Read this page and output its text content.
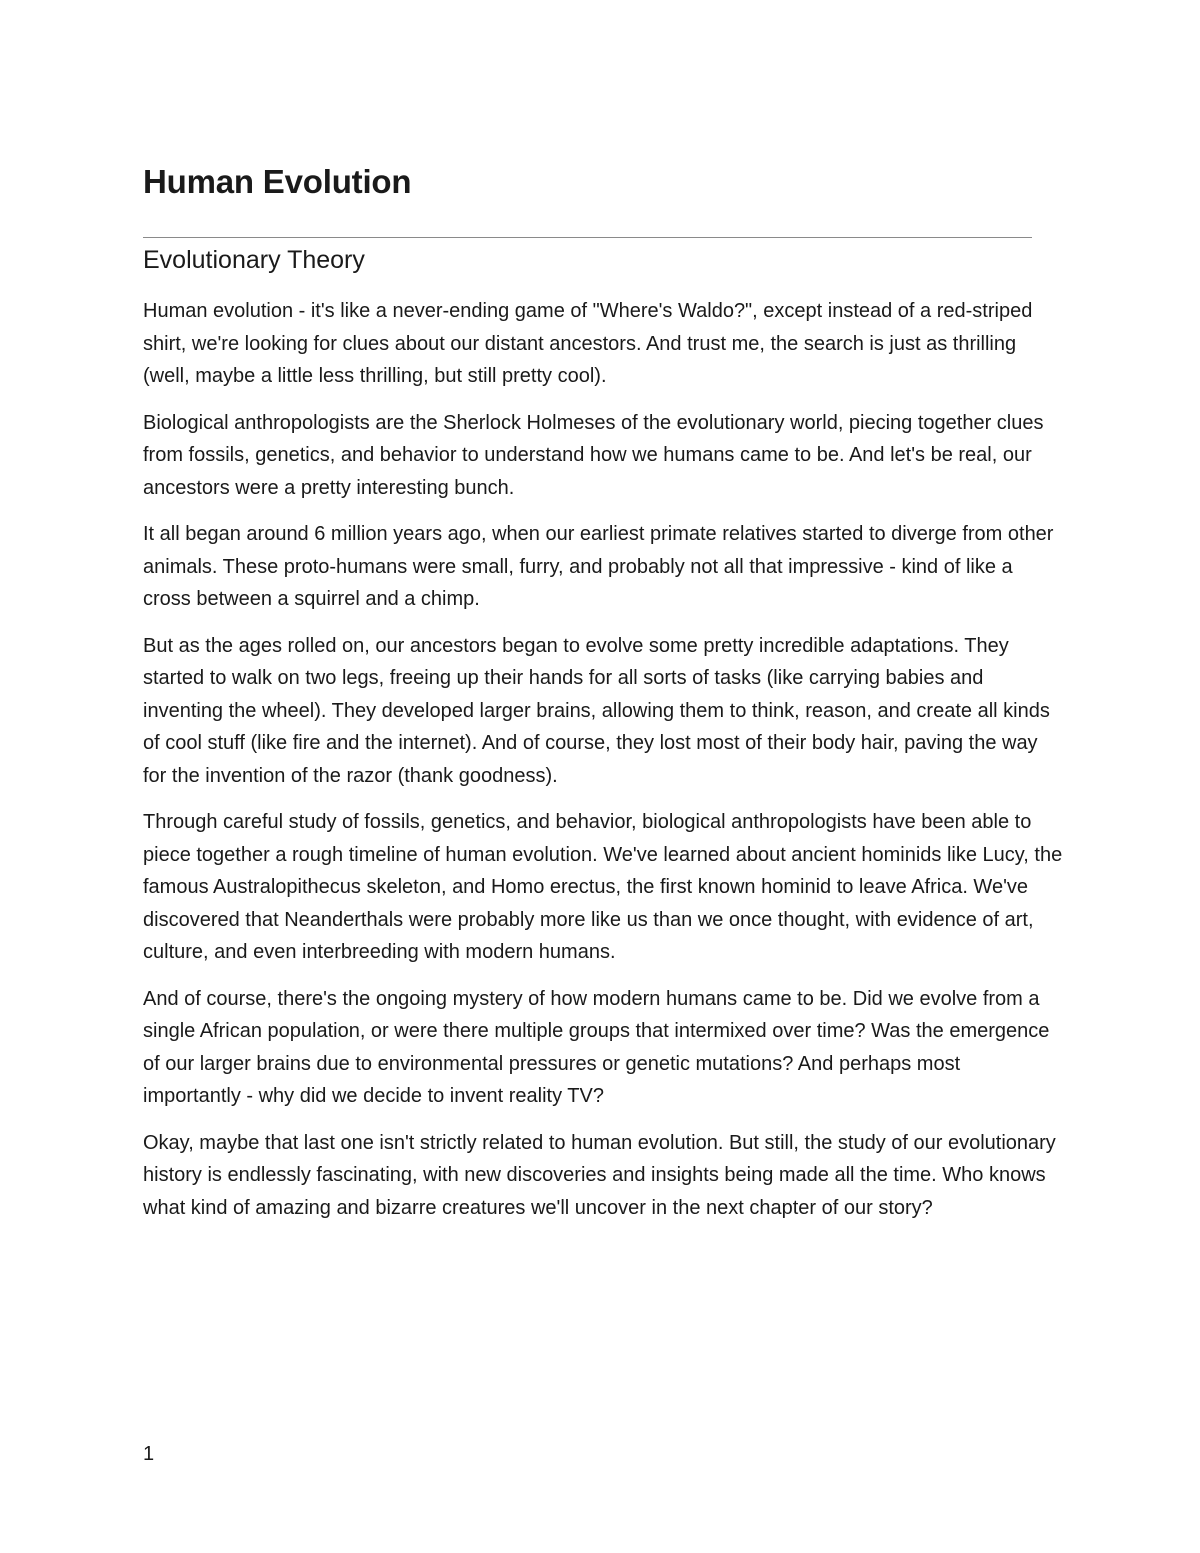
Human Evolution
Evolutionary Theory

Human evolution - it's like a never-ending game of "Where's Waldo?", except instead of a red-striped shirt, we're looking for clues about our distant ancestors. And trust me, the search is just as thrilling (well, maybe a little less thrilling, but still pretty cool).

Biological anthropologists are the Sherlock Holmeses of the evolutionary world, piecing together clues from fossils, genetics, and behavior to understand how we humans came to be. And let's be real, our ancestors were a pretty interesting bunch.

It all began around 6 million years ago, when our earliest primate relatives started to diverge from other animals. These proto-humans were small, furry, and probably not all that impressive - kind of like a cross between a squirrel and a chimp.

But as the ages rolled on, our ancestors began to evolve some pretty incredible adaptations. They started to walk on two legs, freeing up their hands for all sorts of tasks (like carrying babies and inventing the wheel). They developed larger brains, allowing them to think, reason, and create all kinds of cool stuff (like fire and the internet). And of course, they lost most of their body hair, paving the way for the invention of the razor (thank goodness).

Through careful study of fossils, genetics, and behavior, biological anthropologists have been able to piece together a rough timeline of human evolution. We've learned about ancient hominids like Lucy, the famous Australopithecus skeleton, and Homo erectus, the first known hominid to leave Africa. We've discovered that Neanderthals were probably more like us than we once thought, with evidence of art, culture, and even interbreeding with modern humans.

And of course, there's the ongoing mystery of how modern humans came to be. Did we evolve from a single African population, or were there multiple groups that intermixed over time? Was the emergence of our larger brains due to environmental pressures or genetic mutations? And perhaps most importantly - why did we decide to invent reality TV?

Okay, maybe that last one isn't strictly related to human evolution. But still, the study of our evolutionary history is endlessly fascinating, with new discoveries and insights being made all the time. Who knows what kind of amazing and bizarre creatures we'll uncover in the next chapter of our story?

1
